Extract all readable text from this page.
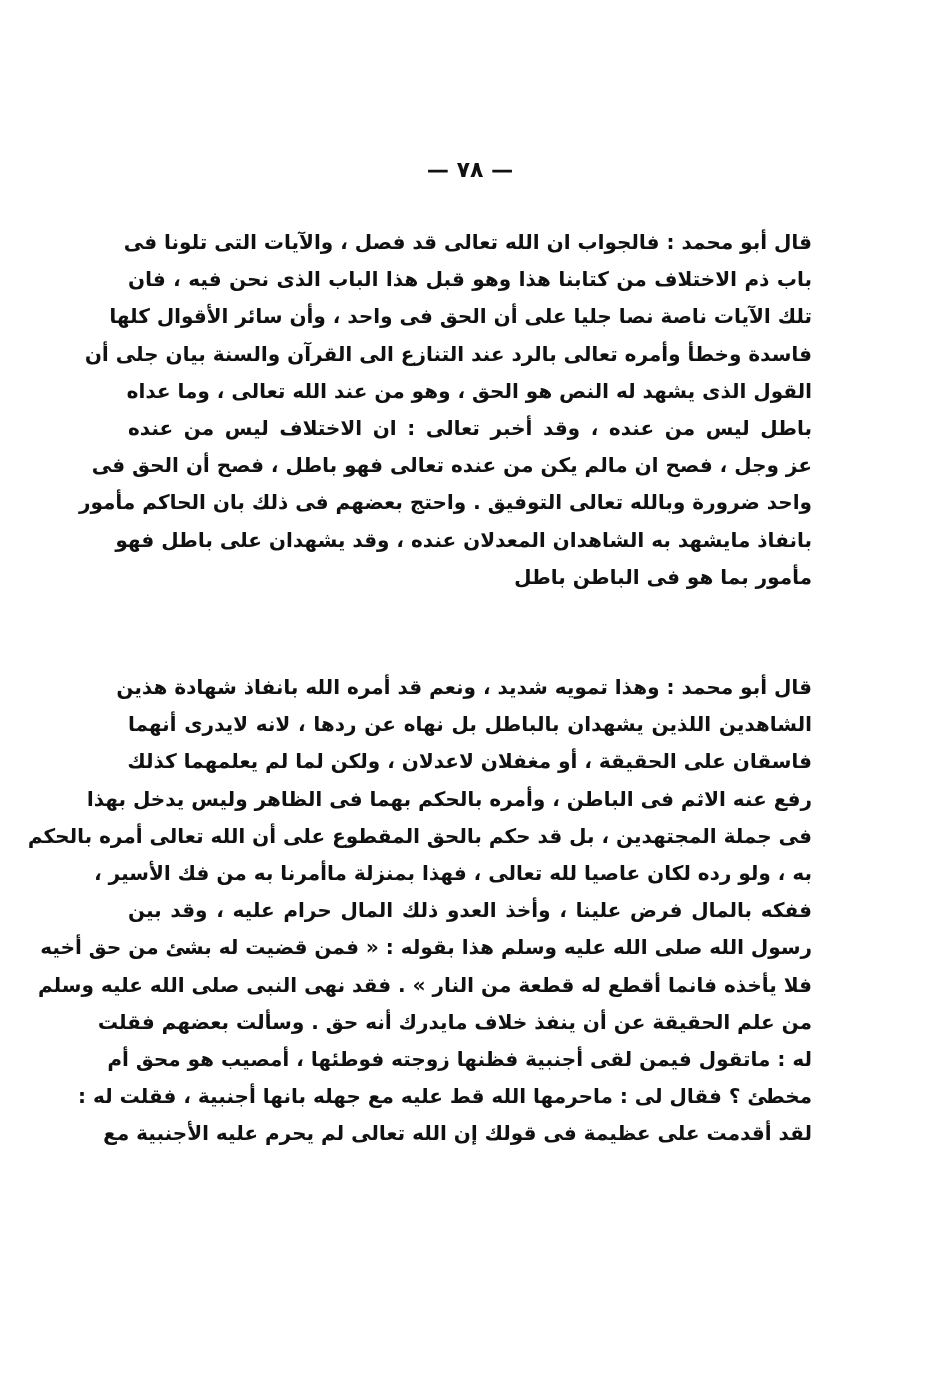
— ٧٨ —
قال أبو محمد : فالجواب ان الله تعالى قد فصل ، والآيات التى تلونا فى
باب ذم الاختلاف من كتابنا هذا وهو قبل هذا الباب الذى نحن فيه ، فان
تلك الآيات ناصة نصا جليا على أن الحق فى واحد ، وأن سائر الأقوال كلها
فاسدة وخطأ وأمره تعالى بالرد عند التنازع الى القرآن والسنة بيان جلى أن
القول الذى يشهد له النص هو الحق ، وهو من عند الله تعالى ، وما عداه
باطل ليس من عنده ، وقد أخبر تعالى : ان الاختلاف ليس من عنده
عز وجل ، فصح ان مالم يكن من عنده تعالى فهو باطل ، فصح أن الحق فى
واحد ضرورة وبالله تعالى التوفيق . واحتج بعضهم فى ذلك بان الحاكم مأمور
بانفاذ مايشهد به الشاهدان المعدلان عنده ، وقد يشهدان على باطل فهو
مأمور بما هو فى الباطن باطل
قال أبو محمد : وهذا تمويه شديد ، ونعم قد أمره الله بانفاذ شهادة هذين
الشاهدين اللذين يشهدان بالباطل بل نهاه عن ردها ، لانه لايدرى أنهما
فاسقان على الحقيقة ، أو مغفلان لاعدلان ، ولكن لما لم يعلمهما كذلك
رفع عنه الاثم فى الباطن ، وأمره بالحكم بهما فى الظاهر وليس يدخل بهذا
فى جملة المجتهدين ، بل قد حكم بالحق المقطوع على أن الله تعالى أمره بالحكم
به ، ولو رده لكان عاصيا لله تعالى ، فهذا بمنزلة ماأمرنا به من فك الأسير ،
ففكه بالمال فرض علينا ، وأخذ العدو ذلك المال حرام عليه ، وقد بين
رسول الله صلى الله عليه وسلم هذا بقوله : « فمن قضيت له بشئ من حق أخيه
فلا يأخذه فانما أقطع له قطعة من النار » . فقد نهى النبى صلى الله عليه وسلم
من علم الحقيقة عن أن ينفذ خلاف مايدرك أنه حق . وسألت بعضهم فقلت
له : ماتقول فيمن لقى أجنبية فظنها زوجته فوطئها ، أمصيب هو محق أم
مخطئ ؟ فقال لى : ماحرمها الله قط عليه مع جهله بانها أجنبية ، فقلت له :
لقد أقدمت على عظيمة فى قولك إن الله تعالى لم يحرم عليه الأجنبية مع
